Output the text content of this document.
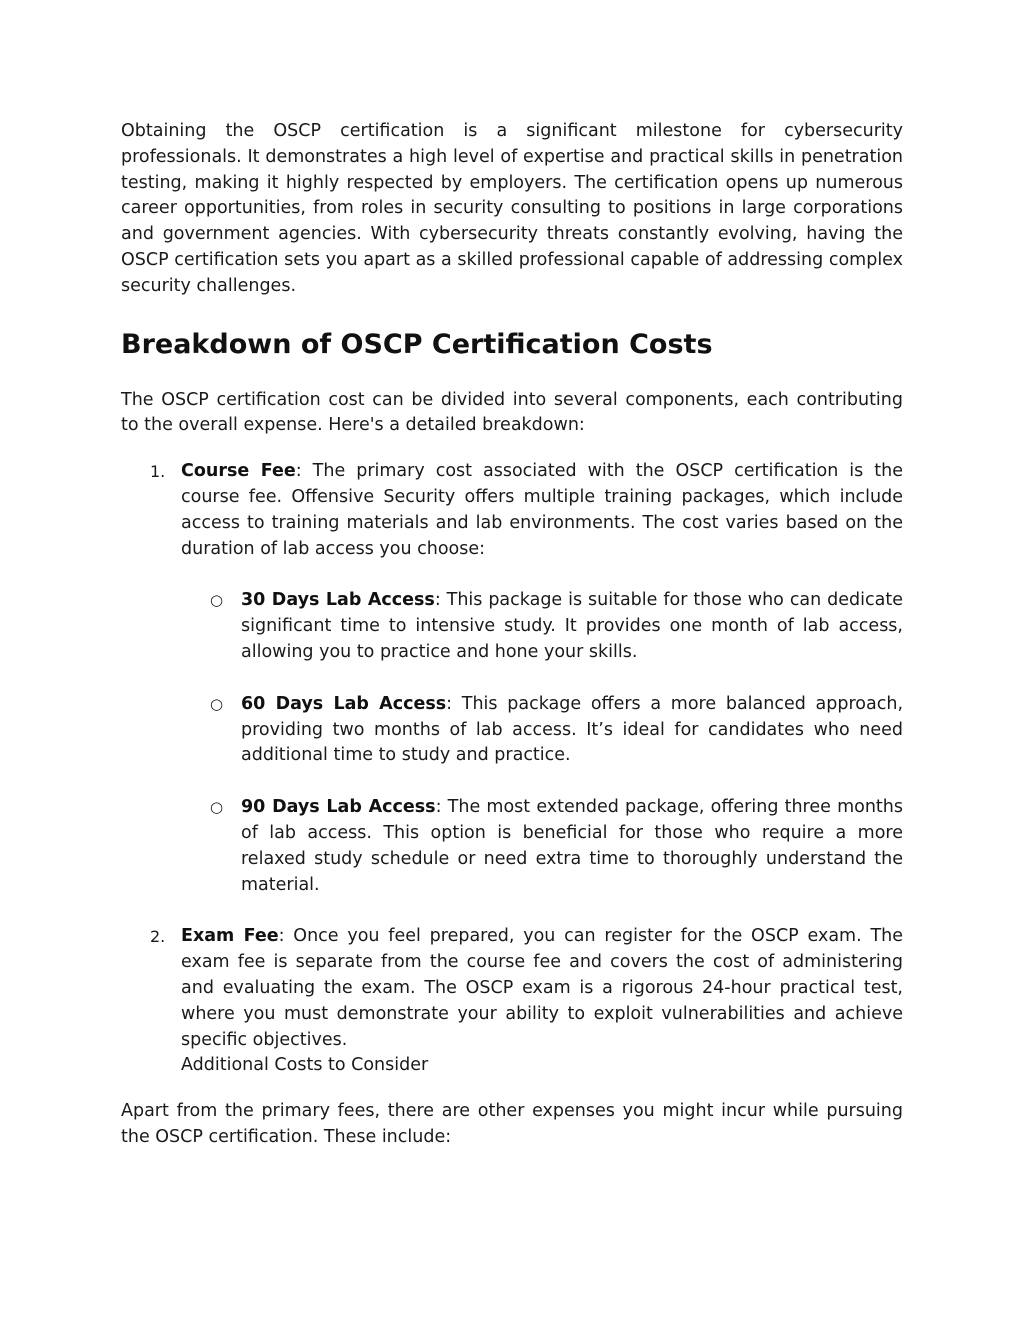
Obtaining the OSCP certification is a significant milestone for cybersecurity professionals. It demonstrates a high level of expertise and practical skills in penetration testing, making it highly respected by employers. The certification opens up numerous career opportunities, from roles in security consulting to positions in large corporations and government agencies. With cybersecurity threats constantly evolving, having the OSCP certification sets you apart as a skilled professional capable of addressing complex security challenges.

Breakdown of OSCP Certification Costs

The OSCP certification cost can be divided into several components, each contributing to the overall expense. Here's a detailed breakdown:

1. Course Fee: The primary cost associated with the OSCP certification is the course fee. Offensive Security offers multiple training packages, which include access to training materials and lab environments. The cost varies based on the duration of lab access you choose:

○ 30 Days Lab Access: This package is suitable for those who can dedicate significant time to intensive study. It provides one month of lab access, allowing you to practice and hone your skills.

○ 60 Days Lab Access: This package offers a more balanced approach, providing two months of lab access. It’s ideal for candidates who need additional time to study and practice.

○ 90 Days Lab Access: The most extended package, offering three months of lab access. This option is beneficial for those who require a more relaxed study schedule or need extra time to thoroughly understand the material.

2. Exam Fee: Once you feel prepared, you can register for the OSCP exam. The exam fee is separate from the course fee and covers the cost of administering and evaluating the exam. The OSCP exam is a rigorous 24-hour practical test, where you must demonstrate your ability to exploit vulnerabilities and achieve specific objectives.

Additional Costs to Consider

Apart from the primary fees, there are other expenses you might incur while pursuing the OSCP certification. These include:
